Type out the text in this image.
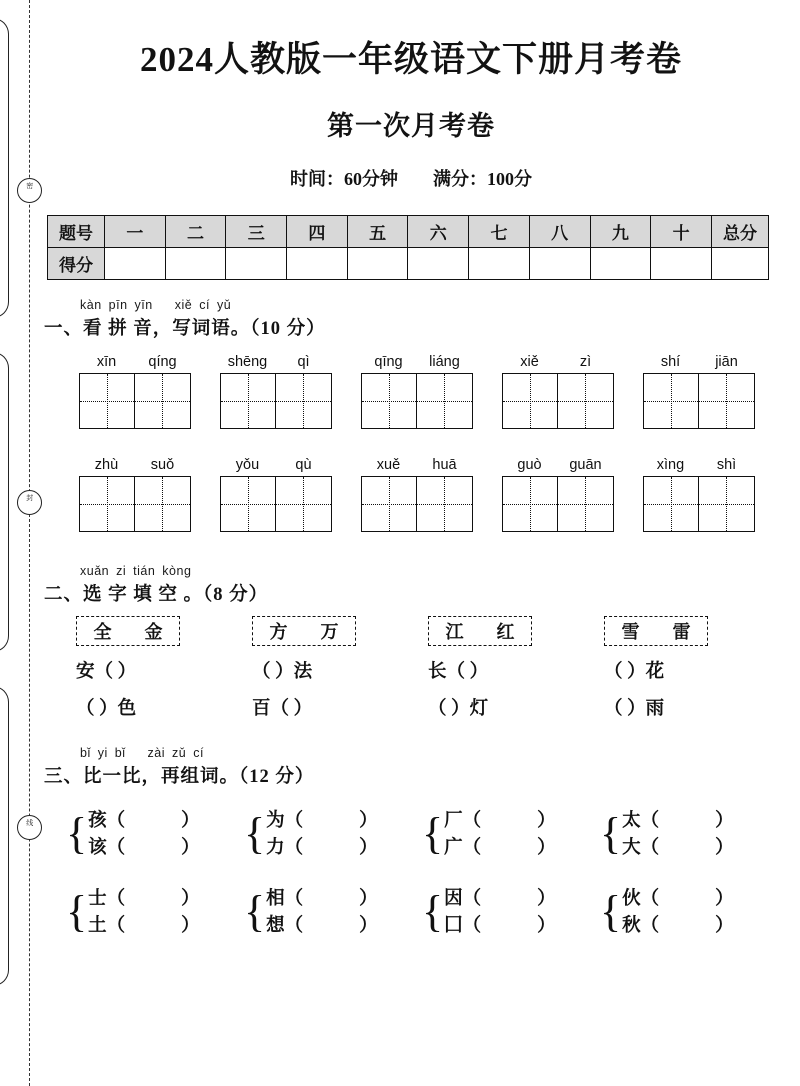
密
封
线
2024人教版一年级语文下册月考卷
第一次月考卷
时间：60分钟 满分：100分
题号	一	二	三	四	五	六	七	八	九	十	总分
得分											
kàn pīn yīn xiě cí yǔ
一、看 拼 音，写词语。（10 分）
xīn	qíng	shēng	qì	qīng	liáng	xiě	zì	shí	jiān
zhù	suǒ	yǒu	qù	xuě	huā	guò	guān	xìng	shì
xuǎn zi tián kòng
二、选 字 填 空 。（8 分）
全 金
安（ ）
（ ）色
方 万
（ ）法
百（ ）
江 红
长（ ）
（ ）灯
雪 雷
（ ）花
（ ）雨
bǐ yi bǐ zài zǔ cí
三、比一比，再组词。（12 分）
{ 孩（	）
该（	） { 为（	）
力（	） { 厂（	）
广（	） { 太（	）
大（	）
{ 士（	）
土（	） { 相（	）
想（	） { 因（	）
囗（	） { 伙（	）
秋（	）
